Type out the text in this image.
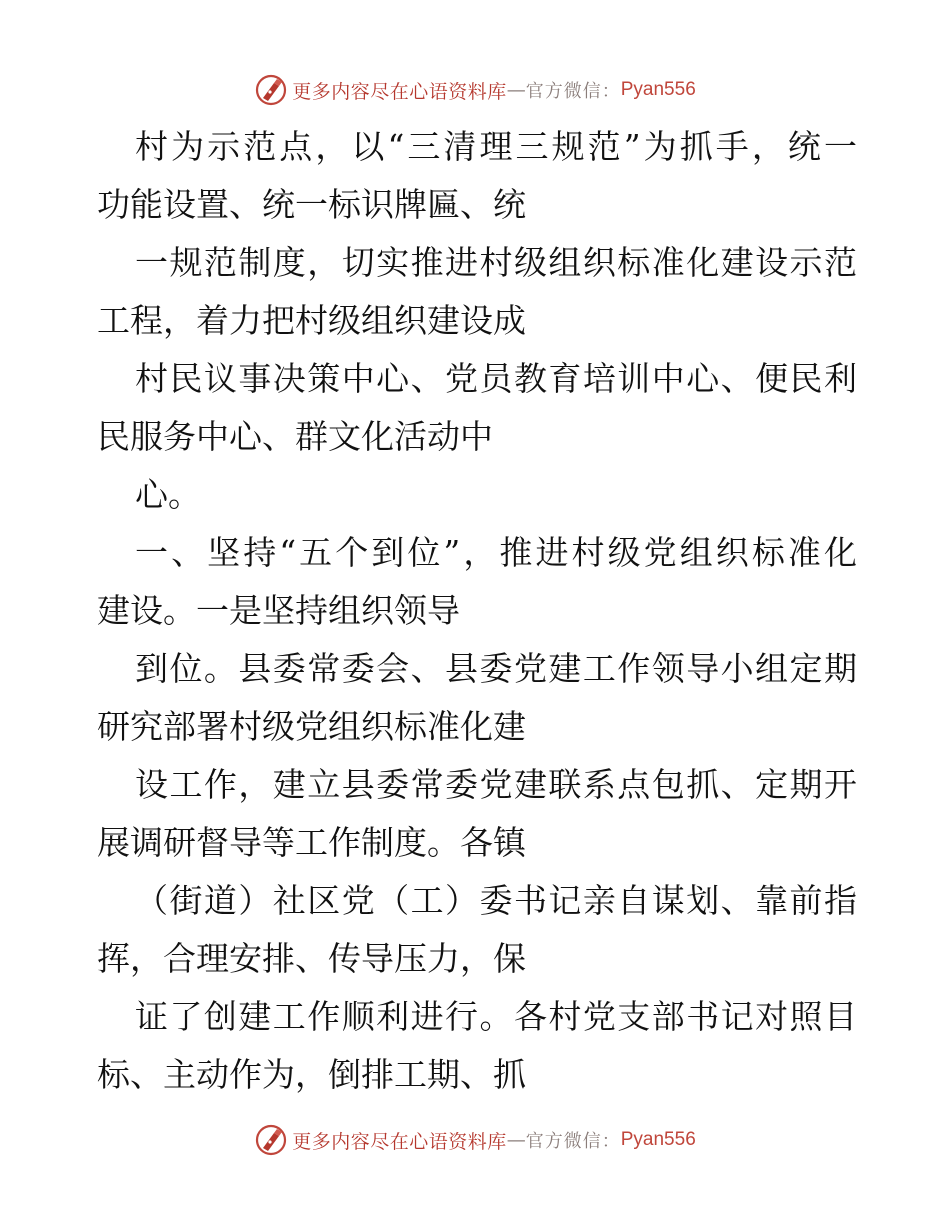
更多内容尽在心语资料库 — 官方微信： Pyan556
村为示范点，以“三清理三规范”为抓手，统一
功能设置、统一标识牌匾、统
一规范制度，切实推进村级组织标准化建设示范
工程，着力把村级组织建设成
村民议事决策中心、党员教育培训中心、便民利
民服务中心、群文化活动中
心。
一、坚持“五个到位”，推进村级党组织标准化
建设。一是坚持组织领导
到位。县委常委会、县委党建工作领导小组定期
研究部署村级党组织标准化建
设工作，建立县委常委党建联系点包抓、定期开
展调研督导等工作制度。各镇
（街道）社区党（工）委书记亲自谋划、靠前指
挥，合理安排、传导压力，保
证了创建工作顺利进行。各村党支部书记对照目
标、主动作为，倒排工期、抓
更多内容尽在心语资料库 — 官方微信： Pyan556
